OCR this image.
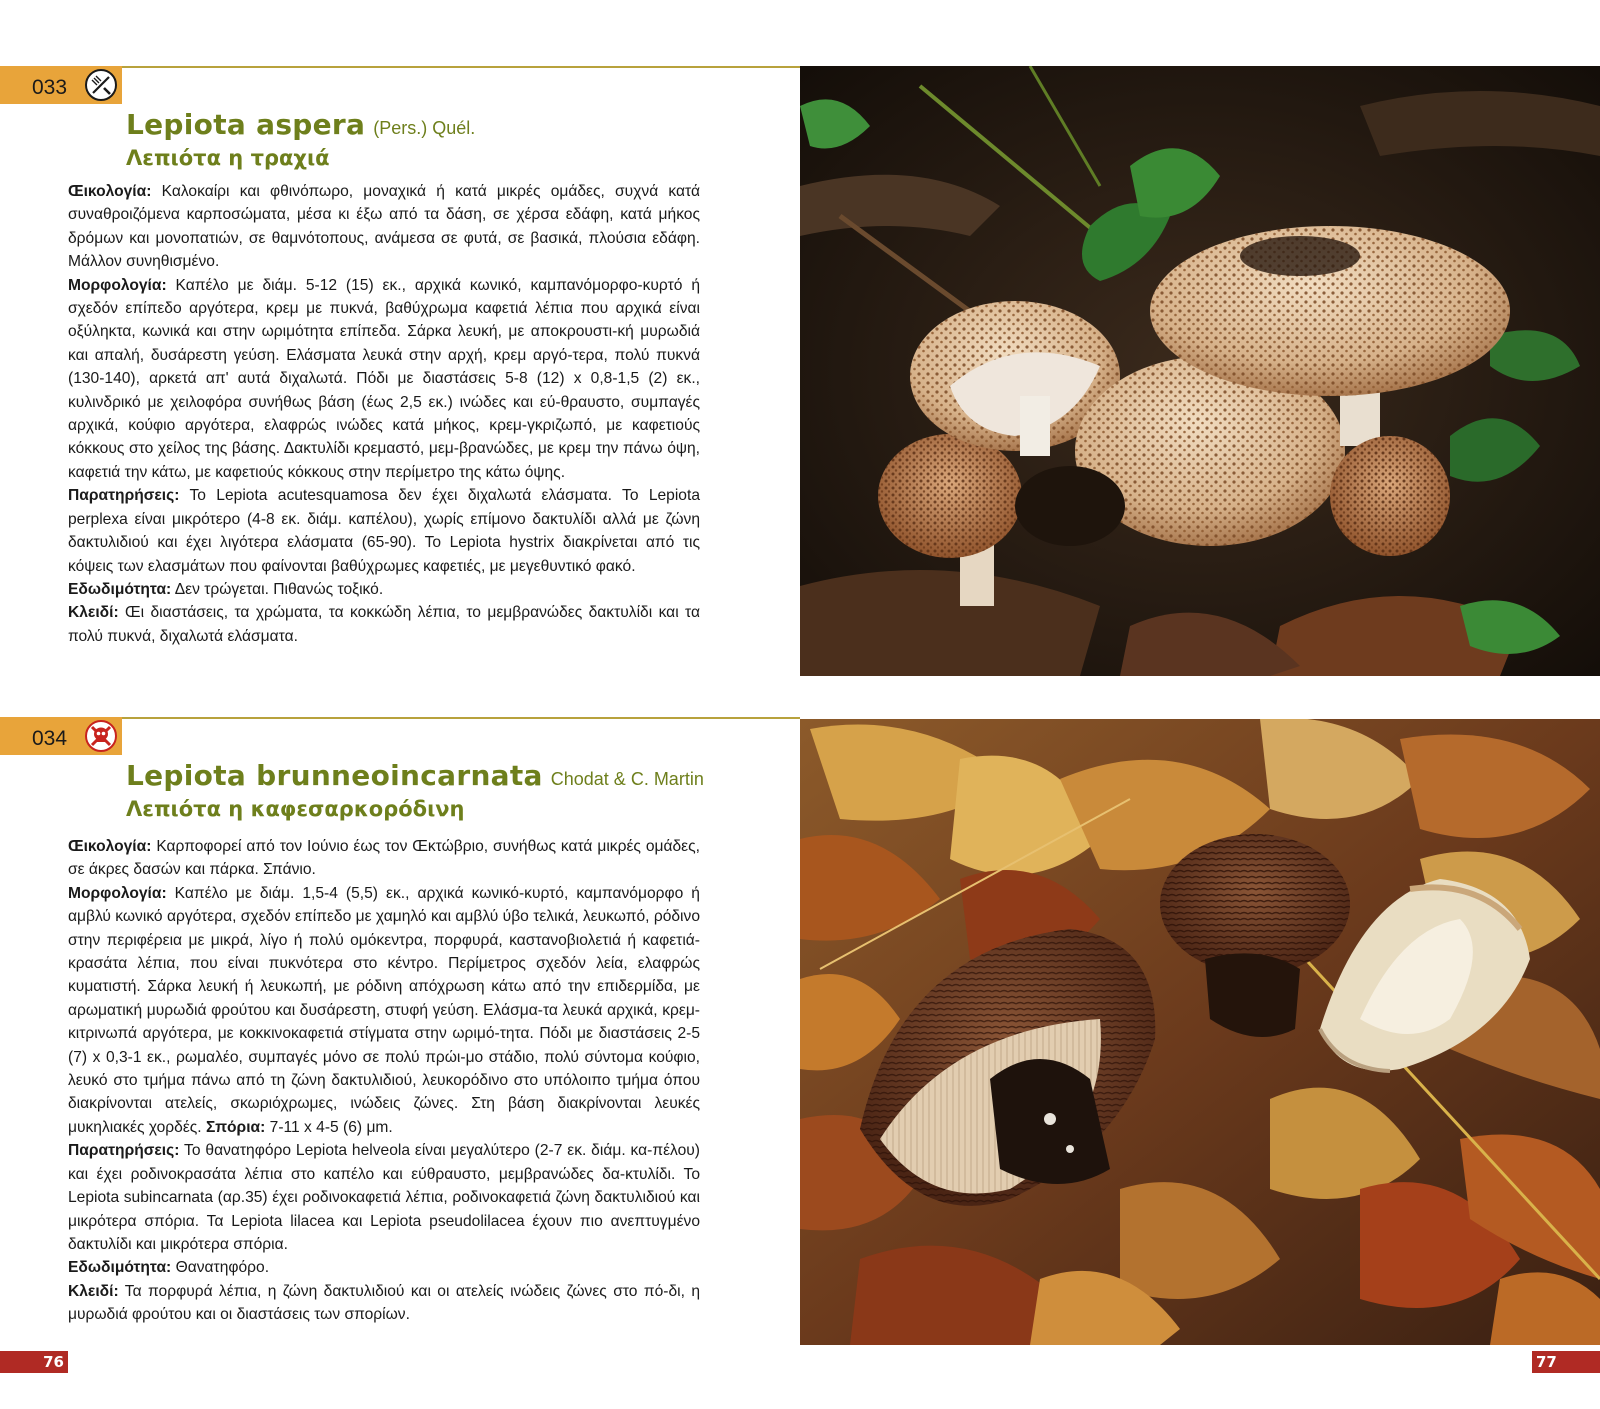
033
Lepiota aspera (Pers.) Quél.
Λεπιότα η τραχιά

Œικολογία: Καλοκαίρι και φθινόπωρο, μοναχικά ή κατά μικρές ομάδες, συχνά κατά συναθροιζόμενα καρποσώματα, μέσα κι έξω από τα δάση, σε χέρσα εδάφη, κατά μήκος δρόμων και μονοπατιών, σε θαμνότοπους, ανάμεσα σε φυτά, σε βασικά, πλούσια εδάφη. Μάλλον συνηθισμένο.

Μορφολογία: Καπέλο με διάμ. 5-12 (15) εκ., αρχικά κωνικό, καμπανόμορφο-κυρτό ή σχεδόν επίπεδο αργότερα, κρεμ με πυκνά, βαθύχρωμα καφετιά λέπια που αρχικά είναι οξύληκτα, κωνικά και στην ωριμότητα επίπεδα. Σάρκα λευκή, με αποκρουστι-κή μυρωδιά και απαλή, δυσάρεστη γεύση. Ελάσματα λευκά στην αρχή, κρεμ αργό-τερα, πολύ πυκνά (130-140), αρκετά απ' αυτά διχαλωτά. Πόδι με διαστάσεις 5-8 (12) x 0,8-1,5 (2) εκ., κυλινδρικό με χειλοφόρα συνήθως βάση (έως 2,5 εκ.) ινώδες και εύ-θραυστο, συμπαγές αρχικά, κούφιο αργότερα, ελαφρώς ινώδες κατά μήκος, κρεμ-γκριζωπό, με καφετιούς κόκκους στο χείλος της βάσης. Δακτυλίδι κρεμαστό, μεμ-βρανώδες, με κρεμ την πάνω όψη, καφετιά την κάτω, με καφετιούς κόκκους στην περίμετρο της κάτω όψης.

Παρατηρήσεις: Το Lepiota acutesquamosa δεν έχει διχαλωτά ελάσματα. Το Lepiota perplexa είναι μικρότερο (4-8 εκ. διάμ. καπέλου), χωρίς επίμονο δακτυλίδι αλλά με ζώνη δακτυλιδιού και έχει λιγότερα ελάσματα (65-90). Το Lepiota hystrix διακρίνεται από τις κόψεις των ελασμάτων που φαίνονται βαθύχρωμες καφετιές, με μεγεθυντικό φακό.

Εδωδιμότητα: Δεν τρώγεται. Πιθανώς τοξικό.

Κλειδί: Œι διαστάσεις, τα χρώματα, τα κοκκώδη λέπια, το μεμβρανώδες δακτυλίδι και τα πολύ πυκνά, διχαλωτά ελάσματα.

034
Lepiota brunneoincarnata Chodat & C. Martin
Λεπιότα η καφεσαρκορόδινη

Œικολογία: Καρποφορεί από τον Ιούνιο έως τον Œκτώβριο, συνήθως κατά μικρές ομάδες, σε άκρες δασών και πάρκα. Σπάνιο.

Μορφολογία: Καπέλο με διάμ. 1,5-4 (5,5) εκ., αρχικά κωνικό-κυρτό, καμπανόμορφο ή αμβλύ κωνικό αργότερα, σχεδόν επίπεδο με χαμηλό και αμβλύ ύβο τελικά, λευκωπό, ρόδινο στην περιφέρεια με μικρά, λίγο ή πολύ ομόκεντρα, πορφυρά, καστανοβιολετιά ή καφετιά-κρασάτα λέπια, που είναι πυκνότερα στο κέντρο. Περίμετρος σχεδόν λεία, ελαφρώς κυματιστή. Σάρκα λευκή ή λευκωπή, με ρόδινη απόχρωση κάτω από την επιδερμίδα, με αρωματική μυρωδιά φρούτου και δυσάρεστη, στυφή γεύση. Ελάσμα-τα λευκά αρχικά, κρεμ-κιτρινωπά αργότερα, με κοκκινοκαφετιά στίγματα στην ωριμό-τητα. Πόδι με διαστάσεις 2-5 (7) x 0,3-1 εκ., ρωμαλέο, συμπαγές μόνο σε πολύ πρώι-μο στάδιο, πολύ σύντομα κούφιο, λευκό στο τμήμα πάνω από τη ζώνη δακτυλιδιού, λευκορόδινο στο υπόλοιπο τμήμα όπου διακρίνονται ατελείς, σκωριόχρωμες, ινώδεις ζώνες. Στη βάση διακρίνονται λευκές μυκηλιακές χορδές. Σπόρια: 7-11 x 4-5 (6) μm.

Παρατηρήσεις: Το θανατηφόρο Lepiota helveola είναι μεγαλύτερο (2-7 εκ. διάμ. κα-πέλου) και έχει ροδινοκρασάτα λέπια στο καπέλο και εύθραυστο, μεμβρανώδες δα-κτυλίδι. Το Lepiota subincarnata (αρ.35) έχει ροδινοκαφετιά λέπια, ροδινοκαφετιά ζώνη δακτυλιδιού και μικρότερα σπόρια. Τα Lepiota lilacea και Lepiota pseudolilacea έχουν πιο ανεπτυγμένο δακτυλίδι και μικρότερα σπόρια.

Εδωδιμότητα: Θανατηφόρο.

Κλειδί: Τα πορφυρά λέπια, η ζώνη δακτυλιδιού και οι ατελείς ινώδεις ζώνες στο πό-δι, η μυρωδιά φρούτου και οι διαστάσεις των σπορίων.

76	77
